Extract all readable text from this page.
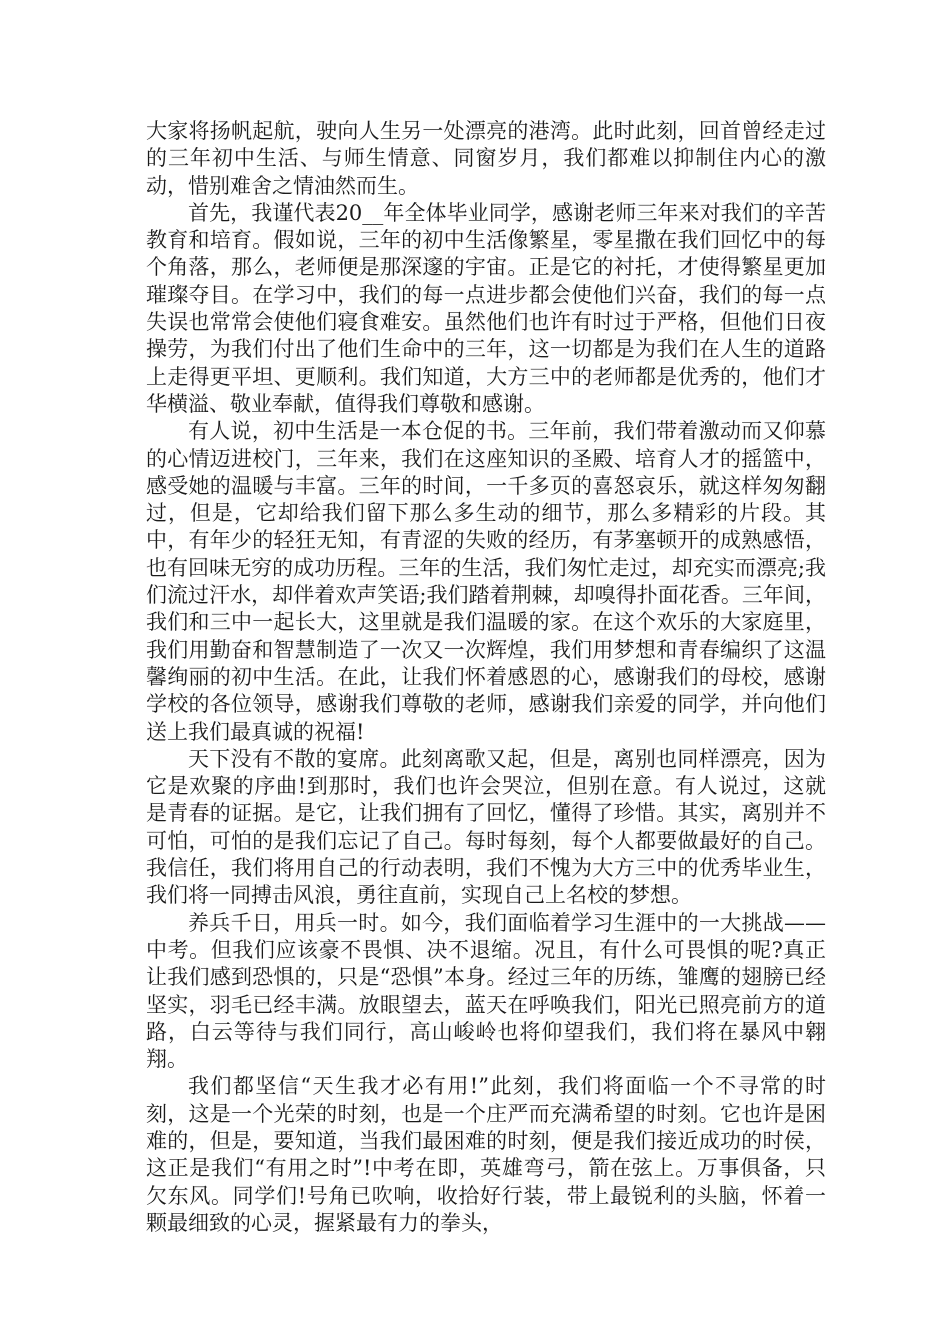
大家将扬帆起航，驶向人生另一处漂亮的港湾。此时此刻，回首曾经走过的三年初中生活、与师生情意、同窗岁月，我们都难以抑制住内心的激动，惜别难舍之情油然而生。

首先，我谨代表20__年全体毕业同学，感谢老师三年来对我们的辛苦教育和培育。假如说，三年的初中生活像繁星，零星撒在我们回忆中的每个角落，那么，老师便是那深邃的宇宙。正是它的衬托，才使得繁星更加璀璨夺目。在学习中，我们的每一点进步都会使他们兴奋，我们的每一点失误也常常会使他们寝食难安。虽然他们也许有时过于严格，但他们日夜操劳，为我们付出了他们生命中的三年，这一切都是为我们在人生的道路上走得更平坦、更顺利。我们知道，大方三中的老师都是优秀的，他们才华横溢、敬业奉献，值得我们尊敬和感谢。

有人说，初中生活是一本仓促的书。三年前，我们带着激动而又仰慕的心情迈进校门，三年来，我们在这座知识的圣殿、培育人才的摇篮中，感受她的温暖与丰富。三年的时间，一千多页的喜怒哀乐，就这样匆匆翻过，但是，它却给我们留下那么多生动的细节，那么多精彩的片段。其中，有年少的轻狂无知，有青涩的失败的经历，有茅塞顿开的成熟感悟，也有回味无穷的成功历程。三年的生活，我们匆忙走过，却充实而漂亮;我们流过汗水，却伴着欢声笑语;我们踏着荆棘，却嗅得扑面花香。三年间，我们和三中一起长大，这里就是我们温暖的家。在这个欢乐的大家庭里，我们用勤奋和智慧制造了一次又一次辉煌，我们用梦想和青春编织了这温馨绚丽的初中生活。在此，让我们怀着感恩的心，感谢我们的母校，感谢学校的各位领导，感谢我们尊敬的老师，感谢我们亲爱的同学，并向他们送上我们最真诚的祝福!

天下没有不散的宴席。此刻离歌又起，但是，离别也同样漂亮，因为它是欢聚的序曲!到那时，我们也许会哭泣，但别在意。有人说过，这就是青春的证据。是它，让我们拥有了回忆，懂得了珍惜。其实，离别并不可怕，可怕的是我们忘记了自己。每时每刻，每个人都要做最好的自己。我信任，我们将用自己的行动表明，我们不愧为大方三中的优秀毕业生，我们将一同搏击风浪，勇往直前，实现自己上名校的梦想。

养兵千日，用兵一时。如今，我们面临着学习生涯中的一大挑战——中考。但我们应该豪不畏惧、决不退缩。况且，有什么可畏惧的呢?真正让我们感到恐惧的，只是“恐惧”本身。经过三年的历练，雏鹰的翅膀已经坚实，羽毛已经丰满。放眼望去，蓝天在呼唤我们，阳光已照亮前方的道路，白云等待与我们同行，高山峻岭也将仰望我们，我们将在暴风中翱翔。

我们都坚信“天生我才必有用!”此刻，我们将面临一个不寻常的时刻，这是一个光荣的时刻，也是一个庄严而充满希望的时刻。它也许是困难的，但是，要知道，当我们最困难的时刻，便是我们接近成功的时侯，这正是我们“有用之时”!中考在即，英雄弯弓，箭在弦上。万事俱备，只欠东风。同学们!号角已吹响，收拾好行装，带上最锐利的头脑，怀着一颗最细致的心灵，握紧最有力的拳头，
